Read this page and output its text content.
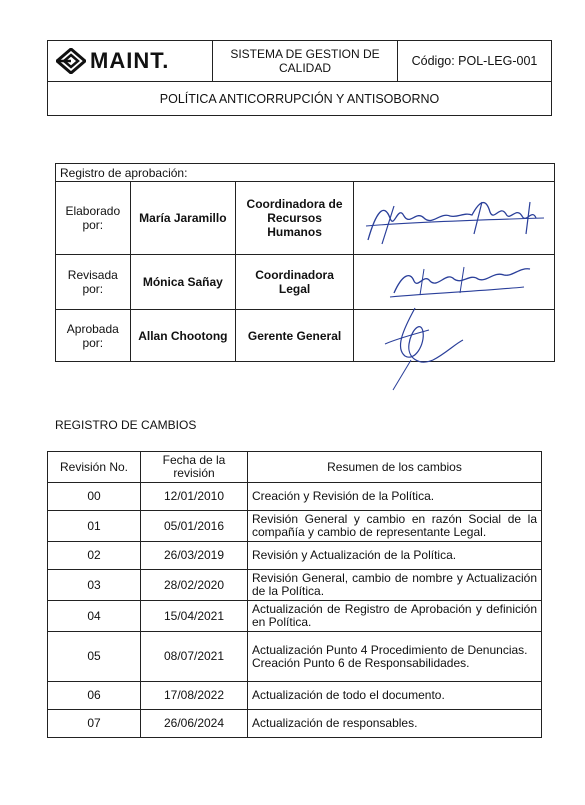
MAINT.	SISTEMA DE GESTION DE CALIDAD	Código: POL-LEG-001
POLÍTICA ANTICORRUPCIÓN Y ANTISOBORNO
Registro de aprobación:			
Elaborado por:	María Jaramillo	Coordinadora de Recursos Humanos	

Revisada por:	Mónica Sañay	Coordinadora Legal	

Aprobada por:	Allan Chootong	Gerente General	
REGISTRO DE CAMBIOS
Revisión No.	Fecha de la revisión	Resumen de los cambios
00	12/01/2010	Creación y Revisión de la Política.
01	05/01/2016	Revisión General y cambio en razón Social de la compañía y cambio de representante Legal.
02	26/03/2019	Revisión y Actualización de la Política.
03	28/02/2020	Revisión General, cambio de nombre y Actualización de la Política.
04	15/04/2021	Actualización de Registro de Aprobación y definición en Política.
05	08/07/2021	Actualización Punto 4 Procedimiento de Denuncias.
Creación Punto 6 de Responsabilidades.

06	17/08/2022	Actualización de todo el documento.
07	26/06/2024	Actualización de responsables.
